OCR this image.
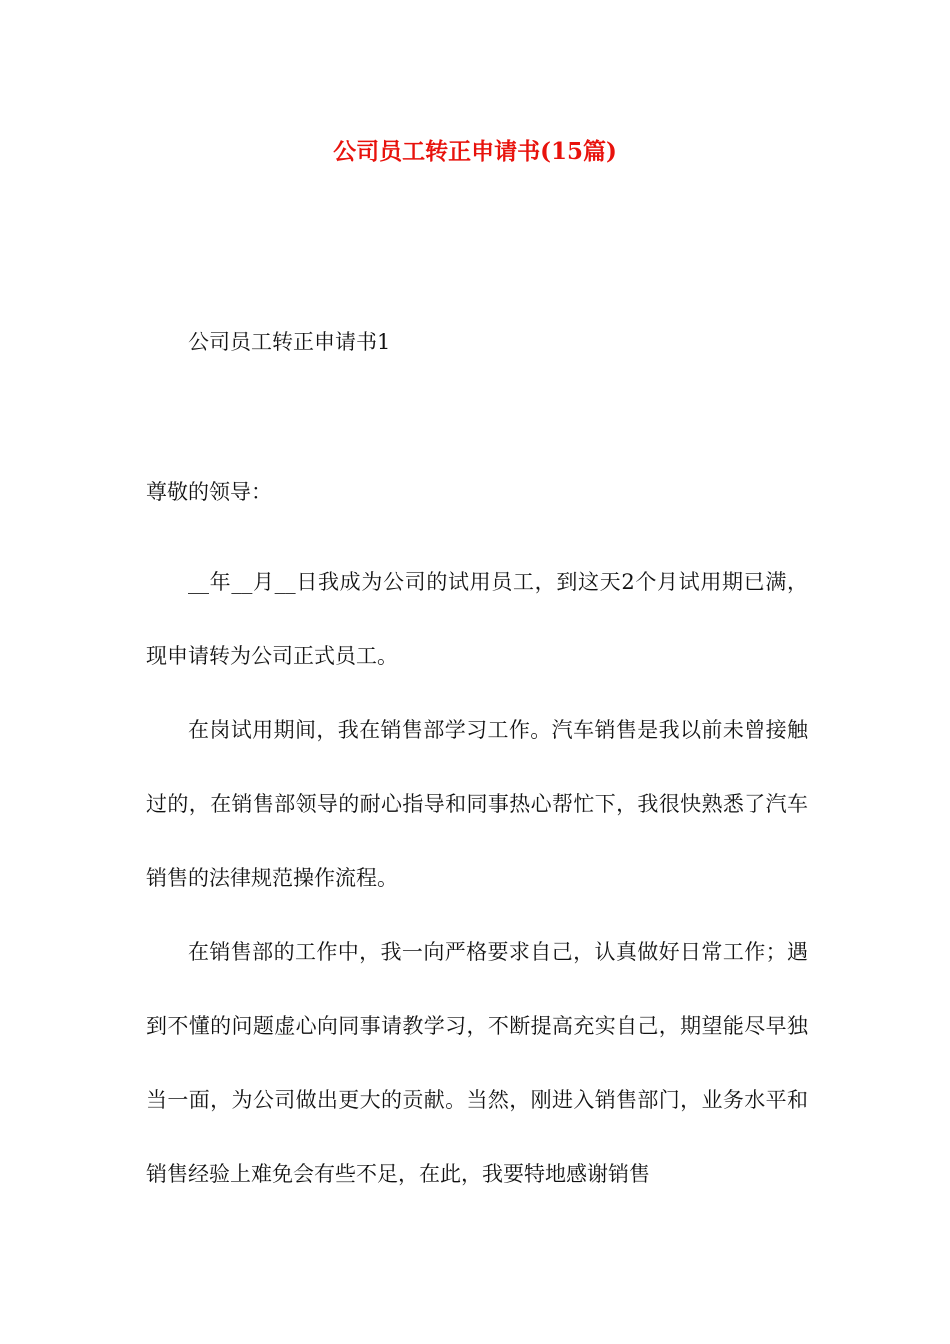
公司员工转正申请书(15篇)

公司员工转正申请书1

尊敬的领导：

__年__月__日我成为公司的试用员工，到这天2个月试用期已满，现申请转为公司正式员工。

在岗试用期间，我在销售部学习工作。汽车销售是我以前未曾接触过的，在销售部领导的耐心指导和同事热心帮忙下，我很快熟悉了汽车销售的法律规范操作流程。

在销售部的工作中，我一向严格要求自己，认真做好日常工作；遇到不懂的问题虚心向同事请教学习，不断提高充实自己，期望能尽早独当一面，为公司做出更大的贡献。当然，刚进入销售部门，业务水平和销售经验上难免会有些不足，在此，我要特地感谢销售
